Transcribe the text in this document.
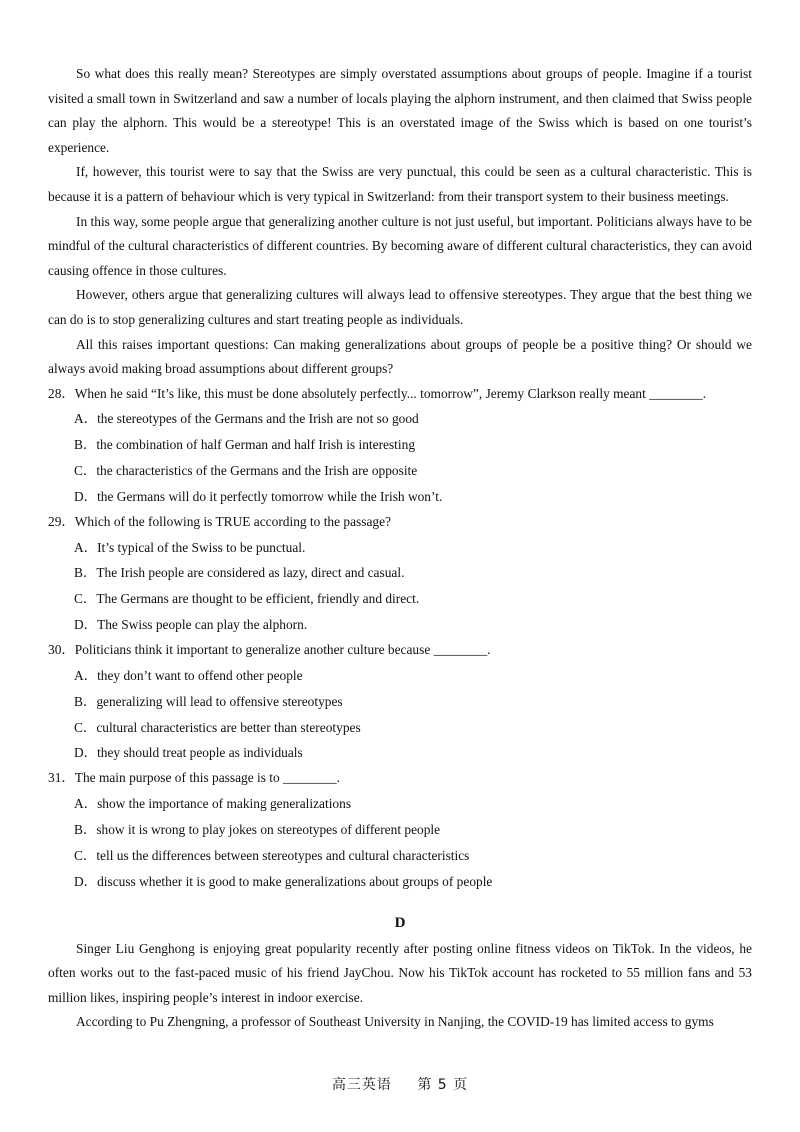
So what does this really mean? Stereotypes are simply overstated assumptions about groups of people. Imagine if a tourist visited a small town in Switzerland and saw a number of locals playing the alphorn instrument, and then claimed that Swiss people can play the alphorn. This would be a stereotype! This is an overstated image of the Swiss which is based on one tourist’s experience.

If, however, this tourist were to say that the Swiss are very punctual, this could be seen as a cultural characteristic. This is because it is a pattern of behaviour which is very typical in Switzerland: from their transport system to their business meetings.

In this way, some people argue that generalizing another culture is not just useful, but important. Politicians always have to be mindful of the cultural characteristics of different countries. By becoming aware of different cultural characteristics, they can avoid causing offence in those cultures.

However, others argue that generalizing cultures will always lead to offensive stereotypes. They argue that the best thing we can do is to stop generalizing cultures and start treating people as individuals.

All this raises important questions: Can making generalizations about groups of people be a positive thing? Or should we always avoid making broad assumptions about different groups?

28．When he said “It’s like, this must be done absolutely perfectly... tomorrow”, Jeremy Clarkson really meant ________.

A．the stereotypes of the Germans and the Irish are not so good

B．the combination of half German and half Irish is interesting

C．the characteristics of the Germans and the Irish are opposite

D．the Germans will do it perfectly tomorrow while the Irish won’t.

29．Which of the following is TRUE according to the passage?

A．It’s typical of the Swiss to be punctual.

B．The Irish people are considered as lazy, direct and casual.

C．The Germans are thought to be efficient, friendly and direct.

D．The Swiss people can play the alphorn.

30．Politicians think it important to generalize another culture because ________.

A．they don’t want to offend other people

B．generalizing will lead to offensive stereotypes

C．cultural characteristics are better than stereotypes

D．they should treat people as individuals

31．The main purpose of this passage is to ________.

A．show the importance of making generalizations

B．show it is wrong to play jokes on stereotypes of different people

C．tell us the differences between stereotypes and cultural characteristics

D．discuss whether it is good to make generalizations about groups of people

D

Singer Liu Genghong is enjoying great popularity recently after posting online fitness videos on TikTok. In the videos, he often works out to the fast-paced music of his friend JayChou. Now his TikTok account has rocketed to 55 million fans and 53 million likes, inspiring people’s interest in indoor exercise.

According to Pu Zhengning, a professor of Southeast University in Nanjing, the COVID-19 has limited access to gyms

高三英语 第 5 页
